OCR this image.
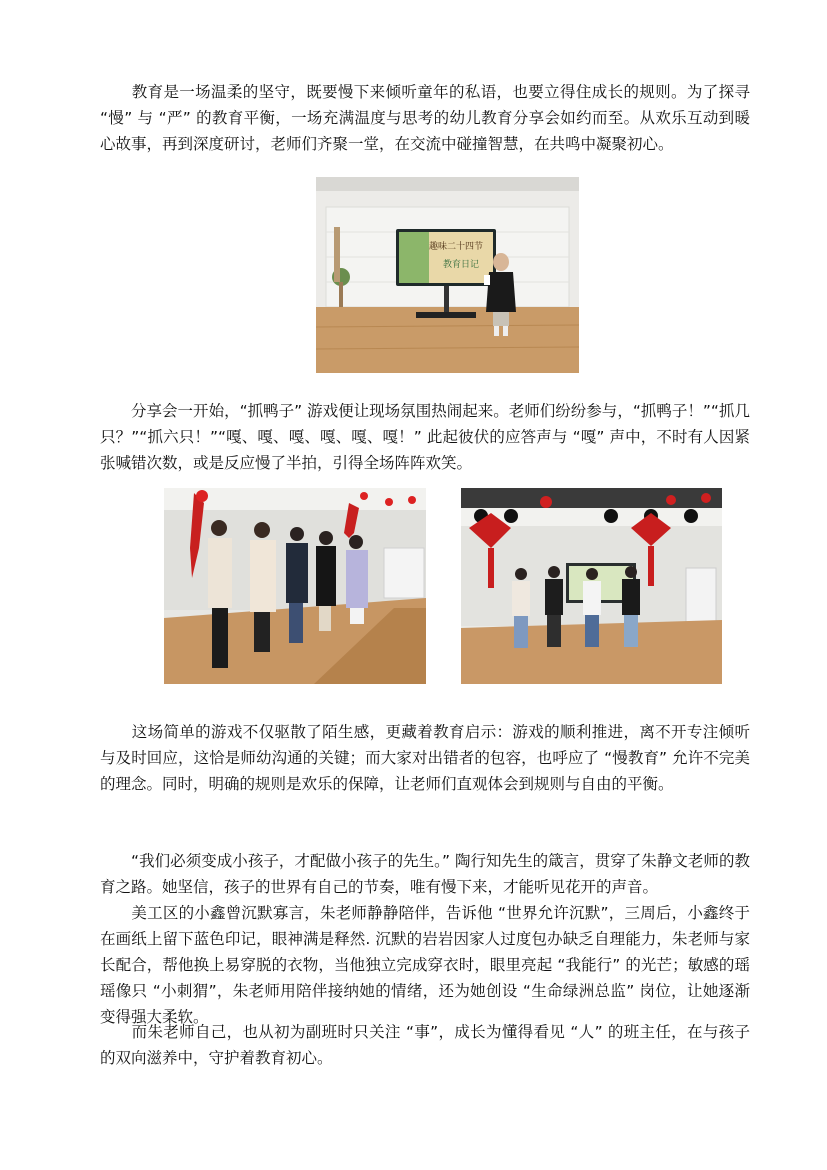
　　教育是一场温柔的坚守，既要慢下来倾听童年的私语，也要立得住成长的规则。为了探寻 “慢” 与 “严” 的教育平衡，一场充满温度与思考的幼儿教育分享会如约而至。从欢乐互动到暖心故事，再到深度研讨，老师们齐聚一堂，在交流中碰撞智慧，在共鸣中凝聚初心。

趣味二十四节
教育日记

　　分享会一开始，“抓鸭子” 游戏便让现场氛围热闹起来。老师们纷纷参与，“抓鸭子！”“抓几只？”“抓六只！”“嘎、嘎、嘎、嘎、嘎、嘎！” 此起彼伏的应答声与 “嘎” 声中，不时有人因紧张喊错次数，或是反应慢了半拍，引得全场阵阵欢笑。

　　这场简单的游戏不仅驱散了陌生感，更藏着教育启示：游戏的顺利推进，离不开专注倾听与及时回应，这恰是师幼沟通的关键；而大家对出错者的包容，也呼应了 “慢教育” 允许不完美的理念。同时，明确的规则是欢乐的保障，让老师们直观体会到规则与自由的平衡。

　　“我们必须变成小孩子，才配做小孩子的先生。” 陶行知先生的箴言，贯穿了朱静文老师的教育之路。她坚信，孩子的世界有自己的节奏，唯有慢下来，才能听见花开的声音。

　　美工区的小鑫曾沉默寡言，朱老师静静陪伴，告诉他 “世界允许沉默”，三周后，小鑫终于在画纸上留下蓝色印记，眼神满是释然. 沉默的岩岩因家人过度包办缺乏自理能力，朱老师与家长配合，帮他换上易穿脱的衣物，当他独立完成穿衣时，眼里亮起 “我能行” 的光芒；敏感的瑶瑶像只 “小刺猬”，朱老师用陪伴接纳她的情绪，还为她创设 “生命绿洲总监” 岗位，让她逐渐变得强大柔软。

　　而朱老师自己，也从初为副班时只关注 “事”，成长为懂得看见 “人” 的班主任，在与孩子的双向滋养中，守护着教育初心。
